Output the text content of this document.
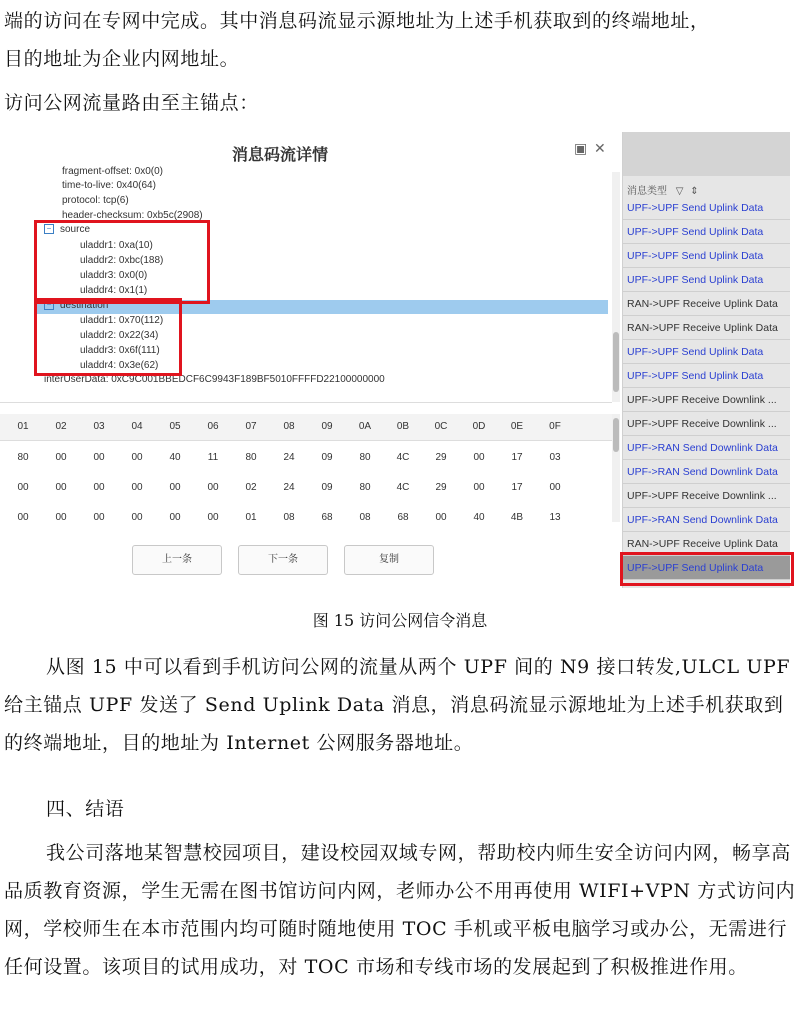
端的访问在专网中完成。其中消息码流显示源地址为上述手机获取到的终端地址，
目的地址为企业内网地址。
访问公网流量路由至主锚点：
消息码流详情	▣ ✕
fragment-offset: 0x0(0)
time-to-live: 0x40(64)
protocol: tcp(6)
header-checksum: 0xb5c(2908)
− source
uladdr1: 0xa(10)
uladdr2: 0xbc(188)
uladdr3: 0x0(0)
uladdr4: 0x1(1)
− destination
uladdr1: 0x70(112)
uladdr2: 0x22(34)
uladdr3: 0x6f(111)
uladdr4: 0x3e(62)
interUserData: 0xC9C001BBEDCF6C9943F189BF5010FFFFD22100000000
01	02	03	04	05	06	07	08	09	0A	0B	0C	0D	0E	0F
80	00	00	00	40	11	80	24	09	80	4C	29	00	17	03
00	00	00	00	00	00	02	24	09	80	4C	29	00	17	00
00	00	00	00	00	00	01	08	68	08	68	00	40	4B	13
上一条	下一条	复制
消息类型 ▽ ⇕
UPF->UPF Send Uplink Data
UPF->UPF Send Uplink Data
UPF->UPF Send Uplink Data
UPF->UPF Send Uplink Data
RAN->UPF Receive Uplink Data
RAN->UPF Receive Uplink Data
UPF->UPF Send Uplink Data
UPF->UPF Send Uplink Data
UPF->UPF Receive Downlink ...
UPF->UPF Receive Downlink ...
UPF->RAN Send Downlink Data
UPF->RAN Send Downlink Data
UPF->UPF Receive Downlink ...
UPF->RAN Send Downlink Data
RAN->UPF Receive Uplink Data
UPF->UPF Send Uplink Data
图 15 访问公网信令消息

从图 15 中可以看到手机访问公网的流量从两个 UPF 间的 N9 接口转发,ULCL UPF 给主锚点 UPF 发送了 Send Uplink Data 消息，消息码流显示源地址为上述手机获取到的终端地址，目的地址为 Internet 公网服务器地址。

四、结语

我公司落地某智慧校园项目，建设校园双域专网，帮助校内师生安全访问内网，畅享高品质教育资源，学生无需在图书馆访问内网，老师办公不用再使用 WIFI+VPN 方式访问内网，学校师生在本市范围内均可随时随地使用 TOC 手机或平板电脑学习或办公，无需进行任何设置。该项目的试用成功，对 TOC 市场和专线市场的发展起到了积极推进作用。
